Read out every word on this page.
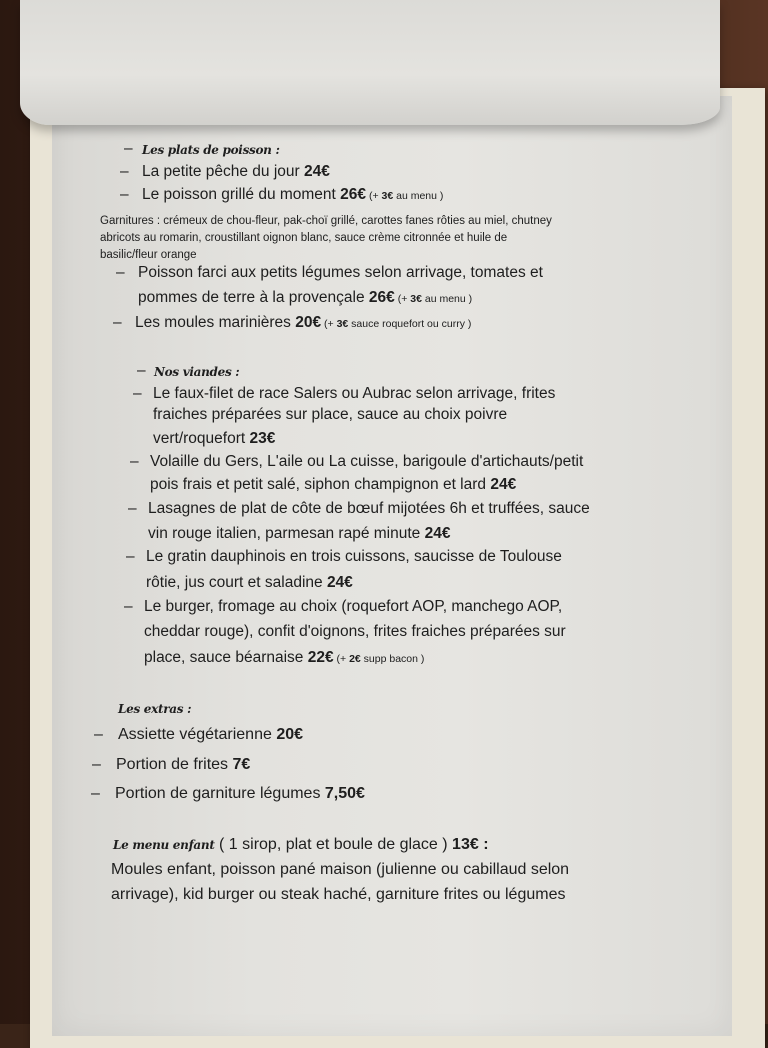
– Les plats de poisson :
– La petite pêche du jour 24€
– Le poisson grillé du moment 26€ (+ 3€ au menu )
Garnitures : crémeux de chou-fleur, pak-choï grillé, carottes fanes rôties au miel, chutney
abricots au romarin, croustillant oignon blanc, sauce crème citronnée et huile de
basilic/fleur orange
– Poisson farci aux petits légumes selon arrivage, tomates et
pommes de terre à la provençale 26€ (+ 3€ au menu )
– Les moules marinières 20€ (+ 3€ sauce roquefort ou curry )
– Nos viandes :
– Le faux-filet de race Salers ou Aubrac selon arrivage, frites
fraiches préparées sur place, sauce au choix poivre
vert/roquefort 23€
– Volaille du Gers, L'aile ou La cuisse, barigoule d'artichauts/petit
pois frais et petit salé, siphon champignon et lard 24€
– Lasagnes de plat de côte de bœuf mijotées 6h et truffées, sauce
vin rouge italien, parmesan rapé minute 24€
– Le gratin dauphinois en trois cuissons, saucisse de Toulouse
rôtie, jus court et saladine 24€
– Le burger, fromage au choix (roquefort AOP, manchego AOP,
cheddar rouge), confit d'oignons, frites fraiches préparées sur
place, sauce béarnaise 22€ (+ 2€ supp bacon )
Les extras :
– Assiette végétarienne 20€
– Portion de frites 7€
– Portion de garniture légumes 7,50€
Le menu enfant ( 1 sirop, plat et boule de glace ) 13€ :
Moules enfant, poisson pané maison (julienne ou cabillaud selon
arrivage), kid burger ou steak haché, garniture frites ou légumes
